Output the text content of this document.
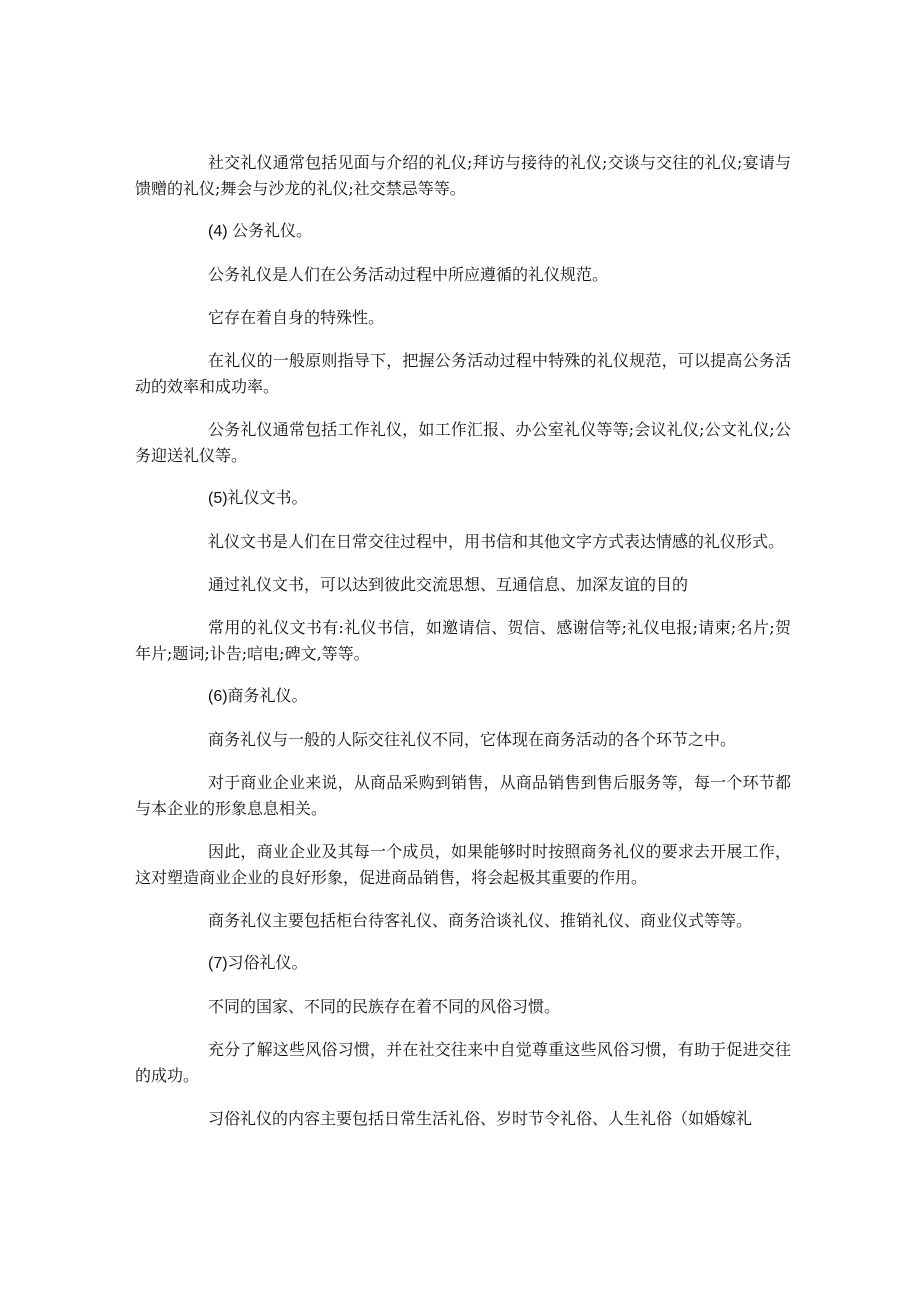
社交礼仪通常包括见面与介绍的礼仪;拜访与接待的礼仪;交谈与交往的礼仪;宴请与馈赠的礼仪;舞会与沙龙的礼仪;社交禁忌等等。

(4) 公务礼仪。

公务礼仪是人们在公务活动过程中所应遵循的礼仪规范。

它存在着自身的特殊性。

在礼仪的一般原则指导下，把握公务活动过程中特殊的礼仪规范，可以提高公务活动的效率和成功率。

公务礼仪通常包括工作礼仪，如工作汇报、办公室礼仪等等;会议礼仪;公文礼仪;公务迎送礼仪等。

(5)礼仪文书。

礼仪文书是人们在日常交往过程中，用书信和其他文字方式表达情感的礼仪形式。

通过礼仪文书，可以达到彼此交流思想、互通信息、加深友谊的目的

常用的礼仪文书有:礼仪书信，如邀请信、贺信、感谢信等;礼仪电报;请柬;名片;贺年片;题词;讣告;唁电;碑文,等等。

(6)商务礼仪。

商务礼仪与一般的人际交往礼仪不同，它体现在商务活动的各个环节之中。

对于商业企业来说，从商品采购到销售，从商品销售到售后服务等，每一个环节都与本企业的形象息息相关。

因此，商业企业及其每一个成员，如果能够时时按照商务礼仪的要求去开展工作，这对塑造商业企业的良好形象，促进商品销售，将会起极其重要的作用。

商务礼仪主要包括柜台待客礼仪、商务洽谈礼仪、推销礼仪、商业仪式等等。

(7)习俗礼仪。

不同的国家、不同的民族存在着不同的风俗习惯。

充分了解这些风俗习惯，并在社交往来中自觉尊重这些风俗习惯，有助于促进交往的成功。

习俗礼仪的内容主要包括日常生活礼俗、岁时节令礼俗、人生礼俗（如婚嫁礼
